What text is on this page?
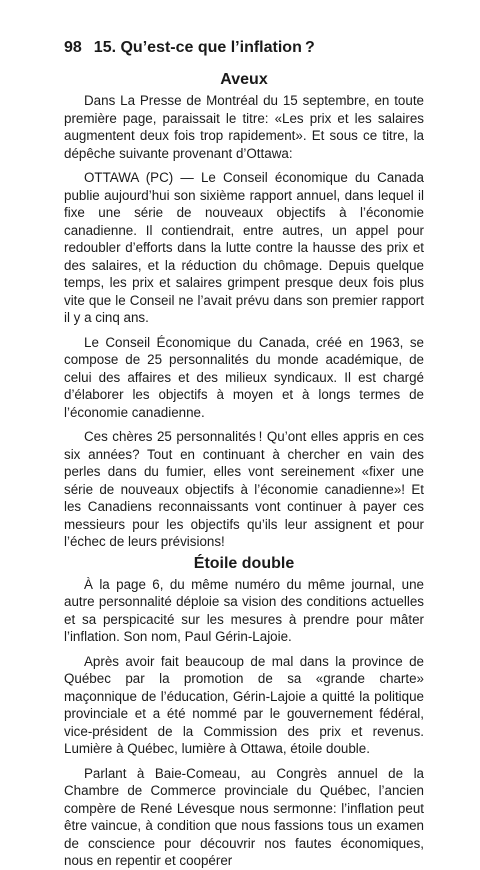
98 15. Qu’est-ce que l’inflation ?
Aveux

Dans La Presse de Montréal du 15 septembre, en toute première page, paraissait le titre: «Les prix et les salaires augmentent deux fois trop rapidement». Et sous ce titre, la dépêche suivante provenant d’Ottawa:

OTTAWA (PC) — Le Conseil économique du Canada publie aujourd’hui son sixième rapport annuel, dans lequel il fixe une série de nouveaux objectifs à l’économie canadienne. Il contiendrait, entre autres, un appel pour redoubler d’efforts dans la lutte contre la hausse des prix et des salaires, et la réduction du chômage. Depuis quelque temps, les prix et salaires grimpent presque deux fois plus vite que le Conseil ne l’avait prévu dans son premier rapport il y a cinq ans.

Le Conseil Économique du Canada, créé en 1963, se compose de 25 personnalités du monde académique, de celui des affaires et des milieux syndicaux. Il est chargé d’élaborer les objectifs à moyen et à longs termes de l’économie canadienne.

Ces chères 25 personnalités ! Qu’ont elles appris en ces six années? Tout en continuant à chercher en vain des perles dans du fumier, elles vont sereinement «fixer une série de nouveaux objectifs à l’économie canadienne»! Et les Canadiens reconnaissants vont continuer à payer ces messieurs pour les objectifs qu’ils leur assignent et pour l’échec de leurs prévisions!

Étoile double

À la page 6, du même numéro du même journal, une autre personnalité déploie sa vision des conditions actuelles et sa perspicacité sur les mesures à prendre pour mâter l’inflation. Son nom, Paul Gérin-Lajoie.

Après avoir fait beaucoup de mal dans la province de Québec par la promotion de sa «grande charte» maçonnique de l’éducation, Gérin-Lajoie a quitté la politique provinciale et a été nommé par le gouvernement fédéral, vice-président de la Commission des prix et revenus. Lumière à Québec, lumière à Ottawa, étoile double.

Parlant à Baie-Comeau, au Congrès annuel de la Chambre de Commerce provinciale du Québec, l’ancien compère de René Lévesque nous sermonne: l’inflation peut être vaincue, à condition que nous fassions tous un examen de conscience pour découvrir nos fautes économiques, nous en repentir et coopérer
